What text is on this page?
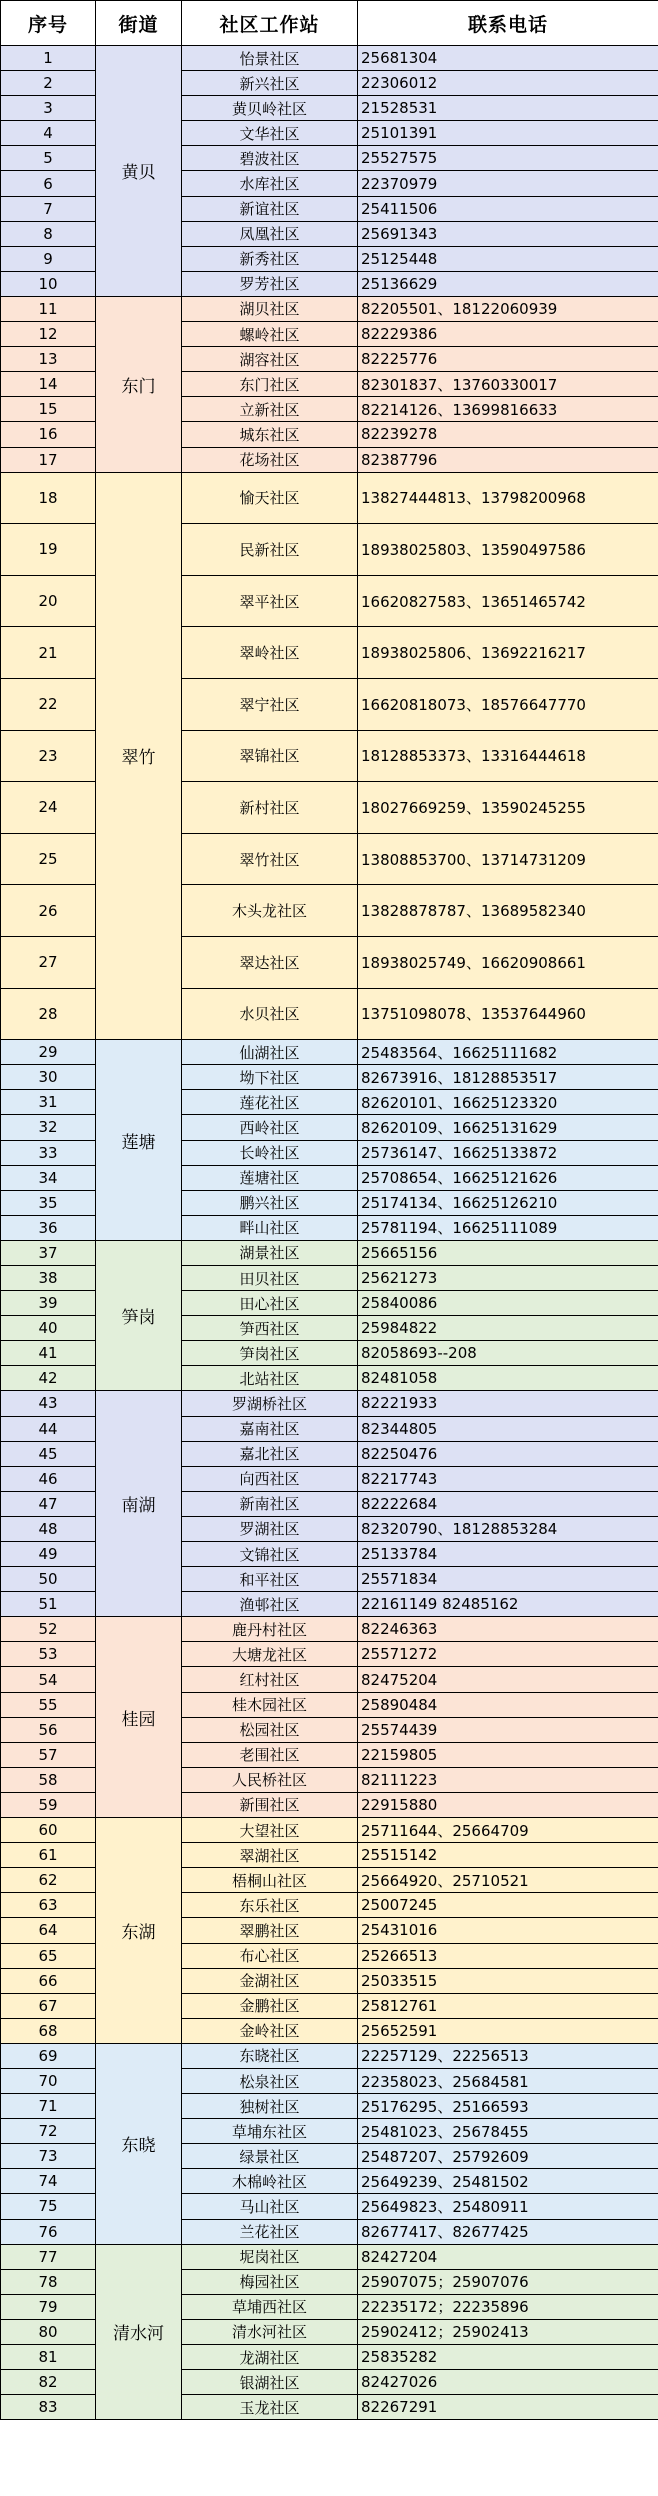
序号	街道	社区工作站	联系电话
1	黄贝	怡景社区	25681304
2		新兴社区	22306012
3		黄贝岭社区	21528531
4		文华社区	25101391
5		碧波社区	25527575
6		水库社区	22370979
7		新谊社区	25411506
8		凤凰社区	25691343
9		新秀社区	25125448
10		罗芳社区	25136629
11	东门	湖贝社区	82205501、18122060939
12		螺岭社区	82229386
13		湖容社区	82225776
14		东门社区	82301837、13760330017
15		立新社区	82214126、13699816633
16		城东社区	82239278
17		花场社区	82387796
18	翠竹	愉天社区	13827444813、13798200968
19		民新社区	18938025803、13590497586
20		翠平社区	16620827583、13651465742
21		翠岭社区	18938025806、13692216217
22		翠宁社区	16620818073、18576647770
23		翠锦社区	18128853373、13316444618
24		新村社区	18027669259、13590245255
25		翠竹社区	13808853700、13714731209
26		木头龙社区	13828878787、13689582340
27		翠达社区	18938025749、16620908661
28		水贝社区	13751098078、13537644960
29	莲塘	仙湖社区	25483564、16625111682
30		坳下社区	82673916、18128853517
31		莲花社区	82620101、16625123320
32		西岭社区	82620109、16625131629
33		长岭社区	25736147、16625133872
34		莲塘社区	25708654、16625121626
35		鹏兴社区	25174134、16625126210
36		畔山社区	25781194、16625111089
37	笋岗	湖景社区	25665156
38		田贝社区	25621273
39		田心社区	25840086
40		笋西社区	25984822
41		笋岗社区	82058693--208
42		北站社区	82481058
43	南湖	罗湖桥社区	82221933
44		嘉南社区	82344805
45		嘉北社区	82250476
46		向西社区	82217743
47		新南社区	82222684
48		罗湖社区	82320790、18128853284
49		文锦社区	25133784
50		和平社区	25571834
51		渔邨社区	22161149 82485162
52	桂园	鹿丹村社区	82246363
53		大塘龙社区	25571272
54		红村社区	82475204
55		桂木园社区	25890484
56		松园社区	25574439
57		老围社区	22159805
58		人民桥社区	82111223
59		新围社区	22915880
60	东湖	大望社区	25711644、25664709
61		翠湖社区	25515142
62		梧桐山社区	25664920、25710521
63		东乐社区	25007245
64		翠鹏社区	25431016
65		布心社区	25266513
66		金湖社区	25033515
67		金鹏社区	25812761
68		金岭社区	25652591
69	东晓	东晓社区	22257129、22256513
70		松泉社区	22358023、25684581
71		独树社区	25176295、25166593
72		草埔东社区	25481023、25678455
73		绿景社区	25487207、25792609
74		木棉岭社区	25649239、25481502
75		马山社区	25649823、25480911
76		兰花社区	82677417、82677425
77	清水河	坭岗社区	82427204
78		梅园社区	25907075；25907076
79		草埔西社区	22235172；22235896
80		清水河社区	25902412；25902413
81		龙湖社区	25835282
82		银湖社区	82427026
83		玉龙社区	82267291
